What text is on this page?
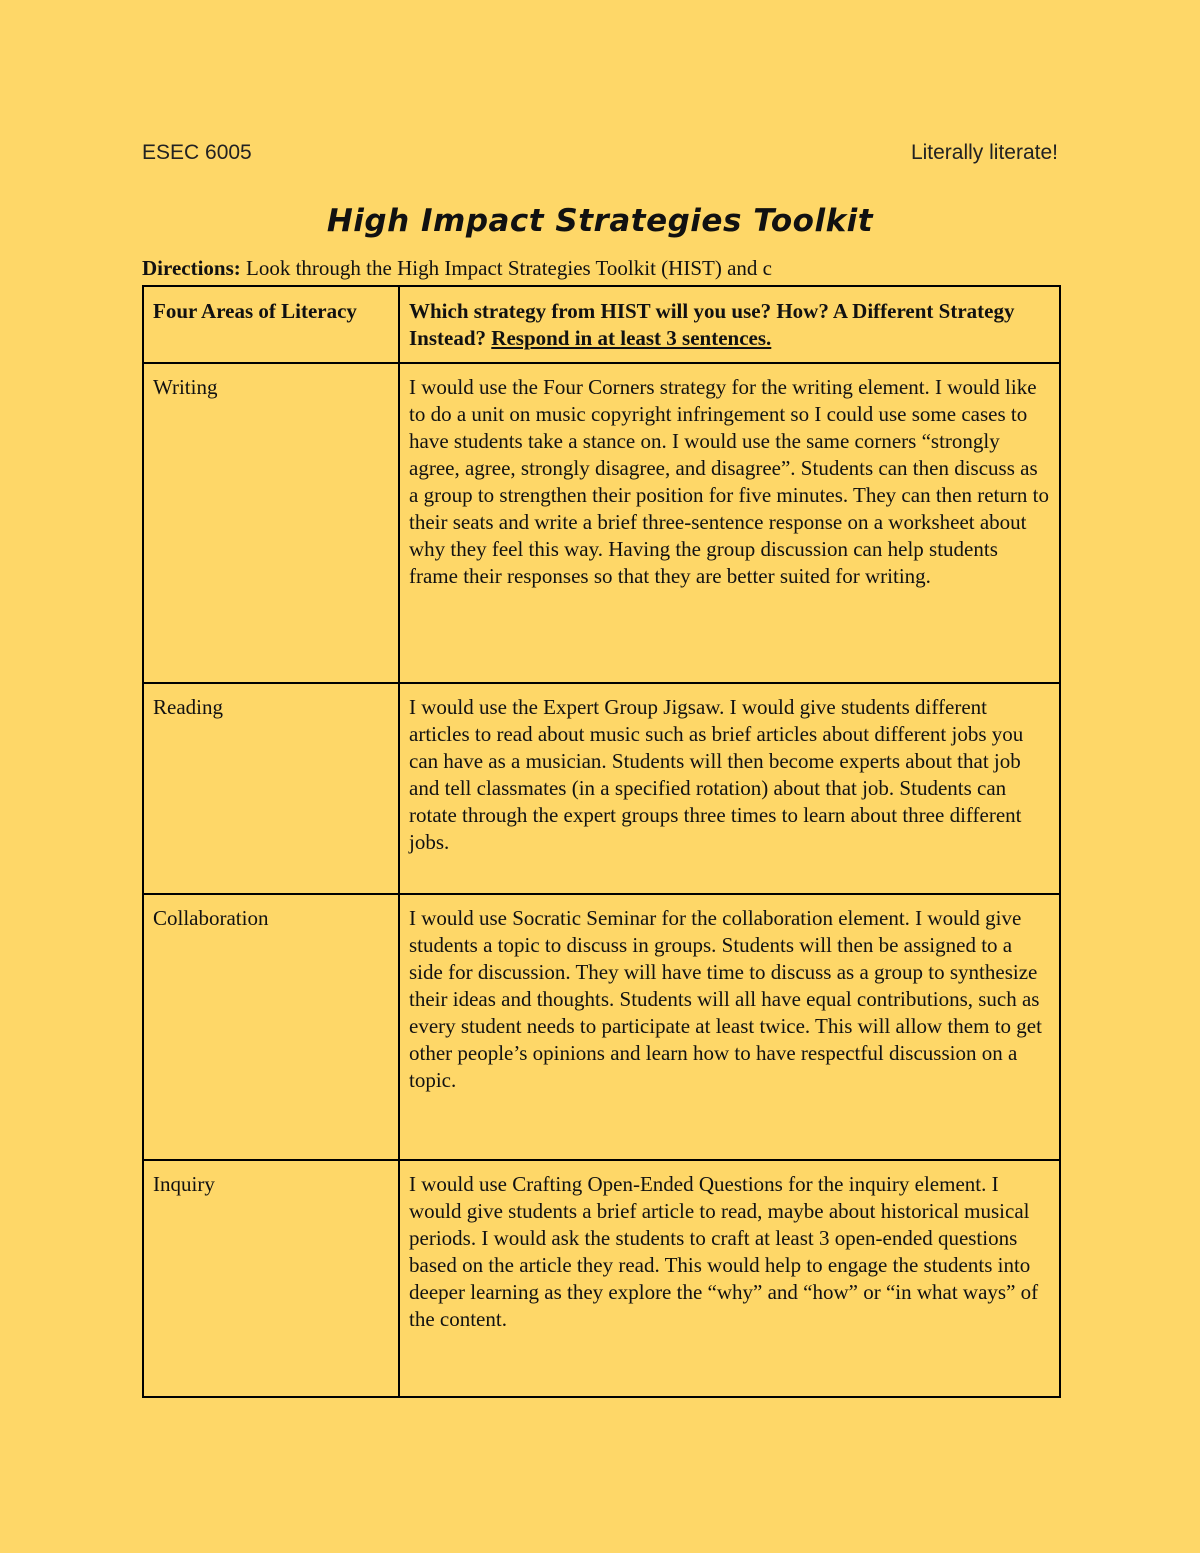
ESEC 6005	Literally literate!
High Impact Strategies Toolkit
Directions: Look through the High Impact Strategies Toolkit (HIST) and c
Four Areas of Literacy	Which strategy from HIST will you use? How? A Different Strategy Instead? Respond in at least 3 sentences.
Writing	I would use the Four Corners strategy for the writing element. I would like to do a unit on music copyright infringement so I could use some cases to have students take a stance on. I would use the same corners “strongly agree, agree, strongly disagree, and disagree”. Students can then discuss as a group to strengthen their position for five minutes. They can then return to their seats and write a brief three-sentence response on a worksheet about why they feel this way. Having the group discussion can help students frame their responses so that they are better suited for writing.
Reading	I would use the Expert Group Jigsaw. I would give students different articles to read about music such as brief articles about different jobs you can have as a musician. Students will then become experts about that job and tell classmates (in a specified rotation) about that job. Students can rotate through the expert groups three times to learn about three different jobs.
Collaboration	I would use Socratic Seminar for the collaboration element. I would give students a topic to discuss in groups. Students will then be assigned to a side for discussion. They will have time to discuss as a group to synthesize their ideas and thoughts. Students will all have equal contributions, such as every student needs to participate at least twice. This will allow them to get other people’s opinions and learn how to have respectful discussion on a topic.
Inquiry	I would use Crafting Open-Ended Questions for the inquiry element. I would give students a brief article to read, maybe about historical musical periods. I would ask the students to craft at least 3 open-ended questions based on the article they read. This would help to engage the students into deeper learning as they explore the “why” and “how” or “in what ways” of the content.
